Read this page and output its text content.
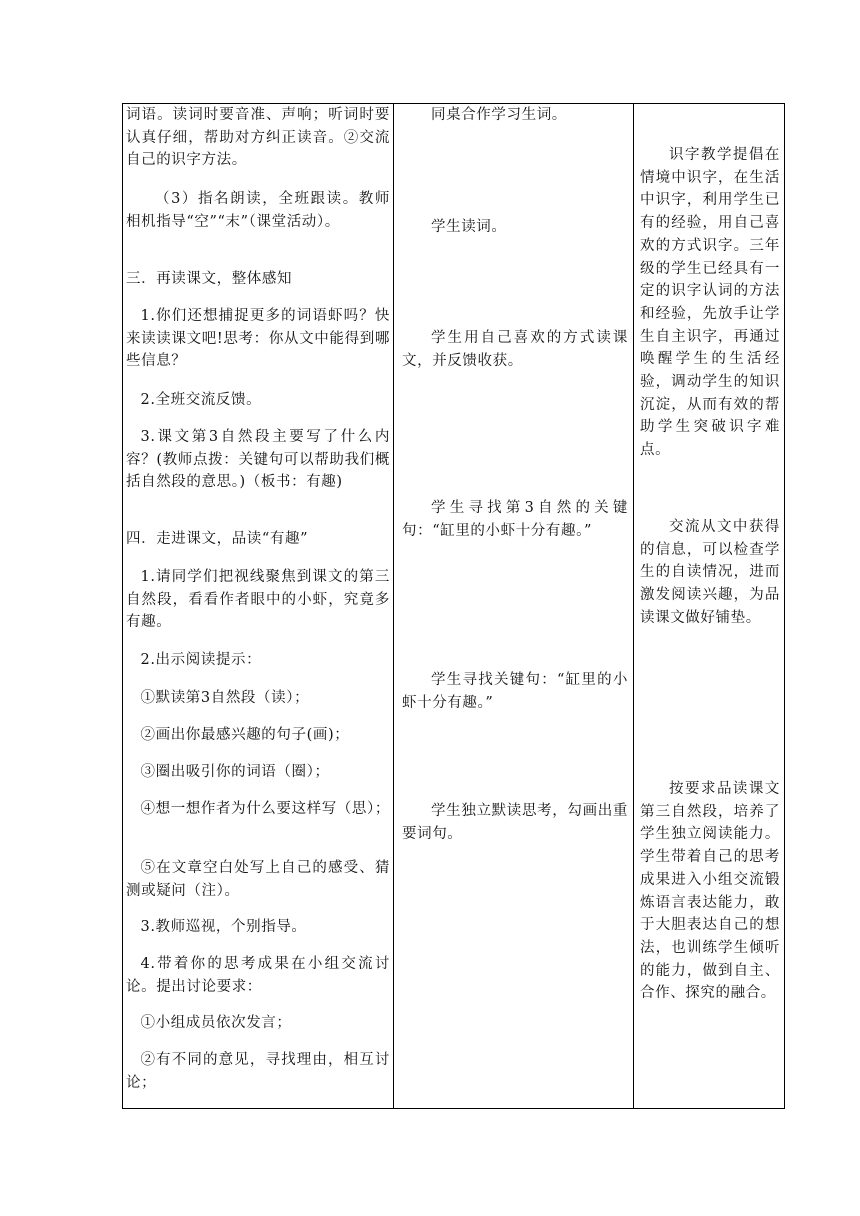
词语。读词时要音准、声响；听词时要认真仔细，帮助对方纠正读音。②交流自己的识字方法。
（3）指名朗读，全班跟读。教师相机指导“空”“末”（课堂活动）。
三．再读课文，整体感知
1.你们还想捕捉更多的词语虾吗？快来读读课文吧!思考：你从文中能得到哪些信息？
2.全班交流反馈。
3.课文第3自然段主要写了什么内容？(教师点拨：关键句可以帮助我们概括自然段的意思。)（板书：有趣)
四．走进课文，品读“有趣”
1.请同学们把视线聚焦到课文的第三自然段，看看作者眼中的小虾，究竟多有趣。
2.出示阅读提示：
①默读第3自然段（读）；
②画出你最感兴趣的句子(画)；
③圈出吸引你的词语（圈）；
④想一想作者为什么要这样写（思）；
⑤在文章空白处写上自己的感受、猜测或疑问（注）。
3.教师巡视，个别指导。
4.带着你的思考成果在小组交流讨论。提出讨论要求：
①小组成员依次发言；
②有不同的意见，寻找理由，相互讨论；

同桌合作学习生词。
学生读词。
学生用自己喜欢的方式读课文，并反馈收获。
学生寻找第3自然的关键句：“缸里的小虾十分有趣。”
学生寻找关键句：“缸里的小虾十分有趣。”
学生独立默读思考，勾画出重要词句。

识字教学提倡在情境中识字，在生活中识字，利用学生已有的经验，用自己喜欢的方式识字。三年级的学生已经具有一定的识字认词的方法和经验，先放手让学生自主识字，再通过唤醒学生的生活经验，调动学生的知识沉淀，从而有效的帮助学生突破识字难点。
交流从文中获得的信息，可以检查学生的自读情况，进而激发阅读兴趣，为品读课文做好铺垫。
按要求品读课文第三自然段，培养了学生独立阅读能力。学生带着自己的思考成果进入小组交流锻炼语言表达能力，敢于大胆表达自己的想法，也训练学生倾听的能力，做到自主、合作、探究的融合。
